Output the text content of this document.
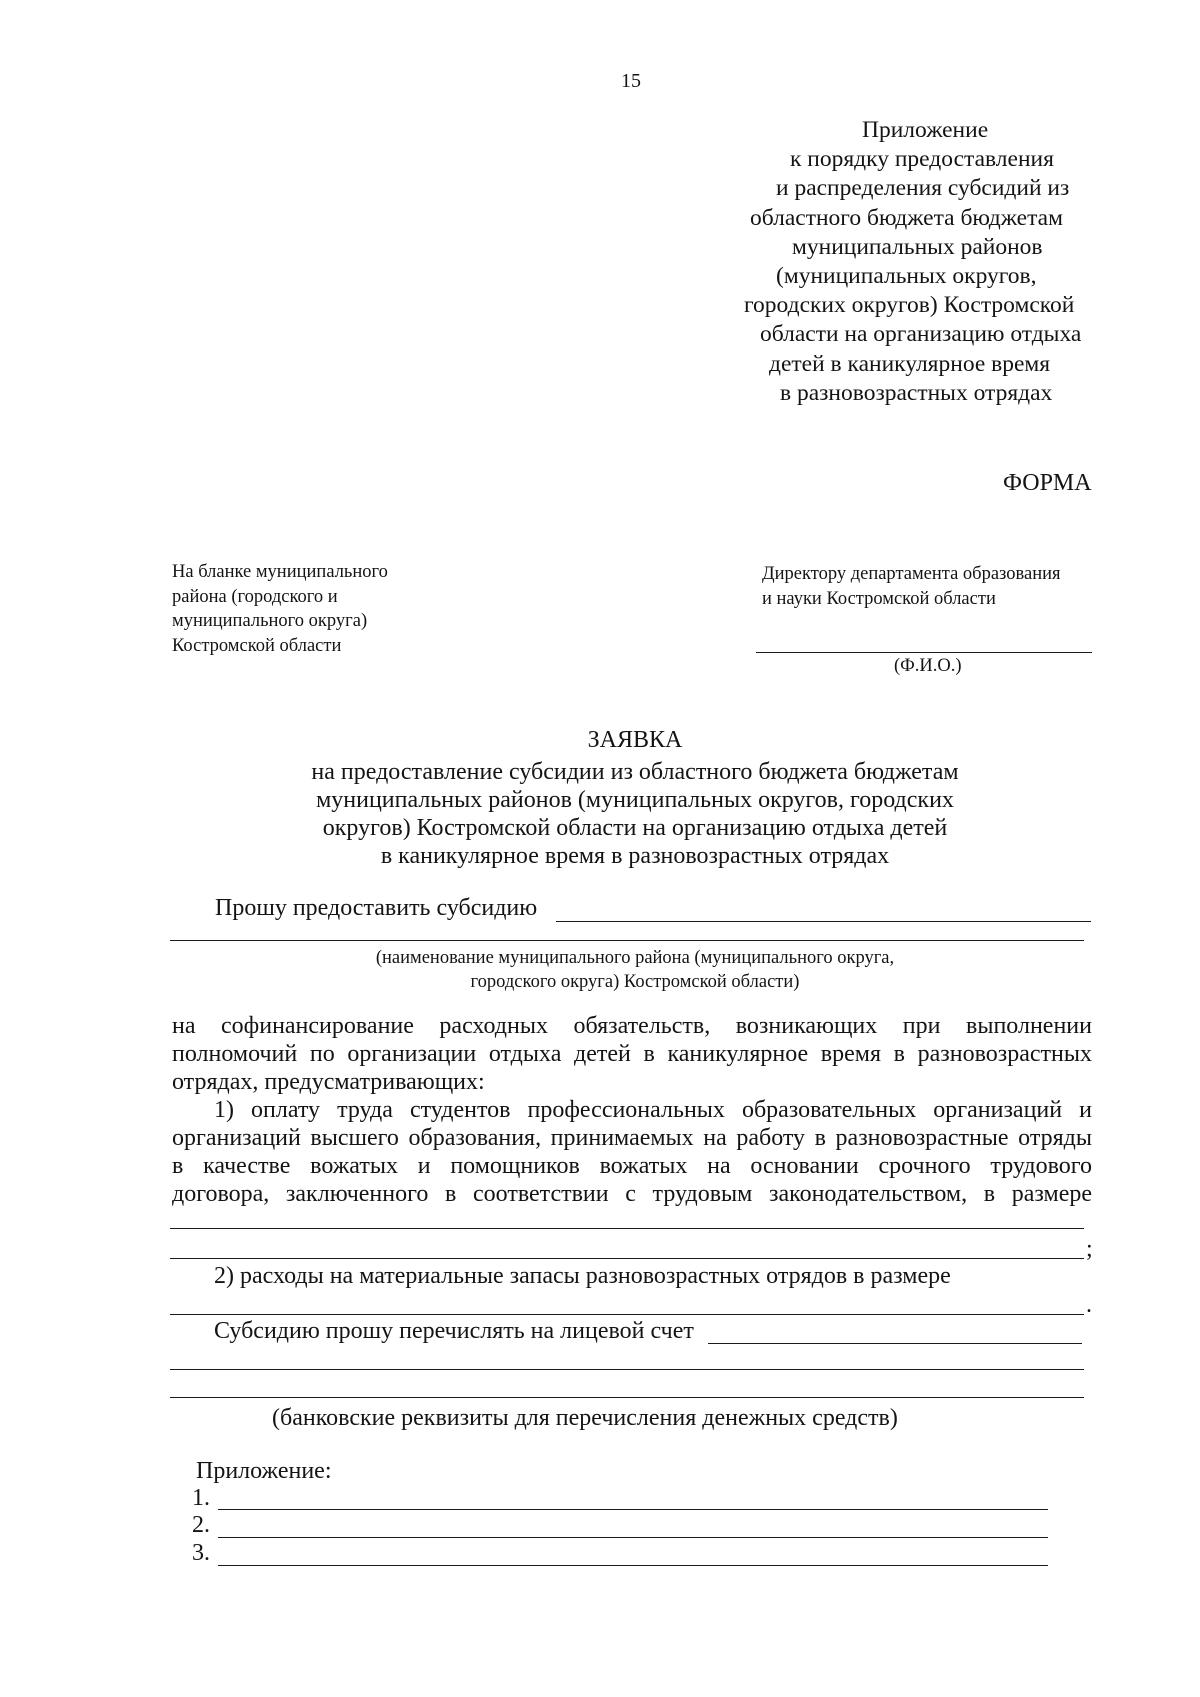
15
Приложение
к порядку предоставления
и распределения субсидий из
областного бюджета бюджетам
муниципальных районов
(муниципальных округов,
городских округов) Костромской
области на организацию отдыха
детей в каникулярное время
в разновозрастных отрядах
ФОРМА
На бланке муниципального
района (городского и
муниципального округа)
Костромской области
Директору департамента образования
и науки Костромской области
(Ф.И.О.)
ЗАЯВКА
на предоставление субсидии из областного бюджета бюджетам
муниципальных районов (муниципальных округов, городских
округов) Костромской области на организацию отдыха детей
в каникулярное время в разновозрастных отрядах
Прошу предоставить субсидию
(наименование муниципального района (муниципального округа,
городского округа) Костромской области)
на софинансирование расходных обязательств, возникающих при выполнении
полномочий по организации отдыха детей в каникулярное время в разновозрастных
отрядах, предусматривающих:
1) оплату труда студентов профессиональных образовательных организаций и
организаций высшего образования, принимаемых на работу в разновозрастные отряды
в качестве вожатых и помощников вожатых на основании срочного трудового
договора, заключенного в соответствии с трудовым законодательством, в размере
;
2) расходы на материальные запасы разновозрастных отрядов в размере
.
Субсидию прошу перечислять на лицевой счет
(банковские реквизиты для перечисления денежных средств)
Приложение:
1.
2.
3.
